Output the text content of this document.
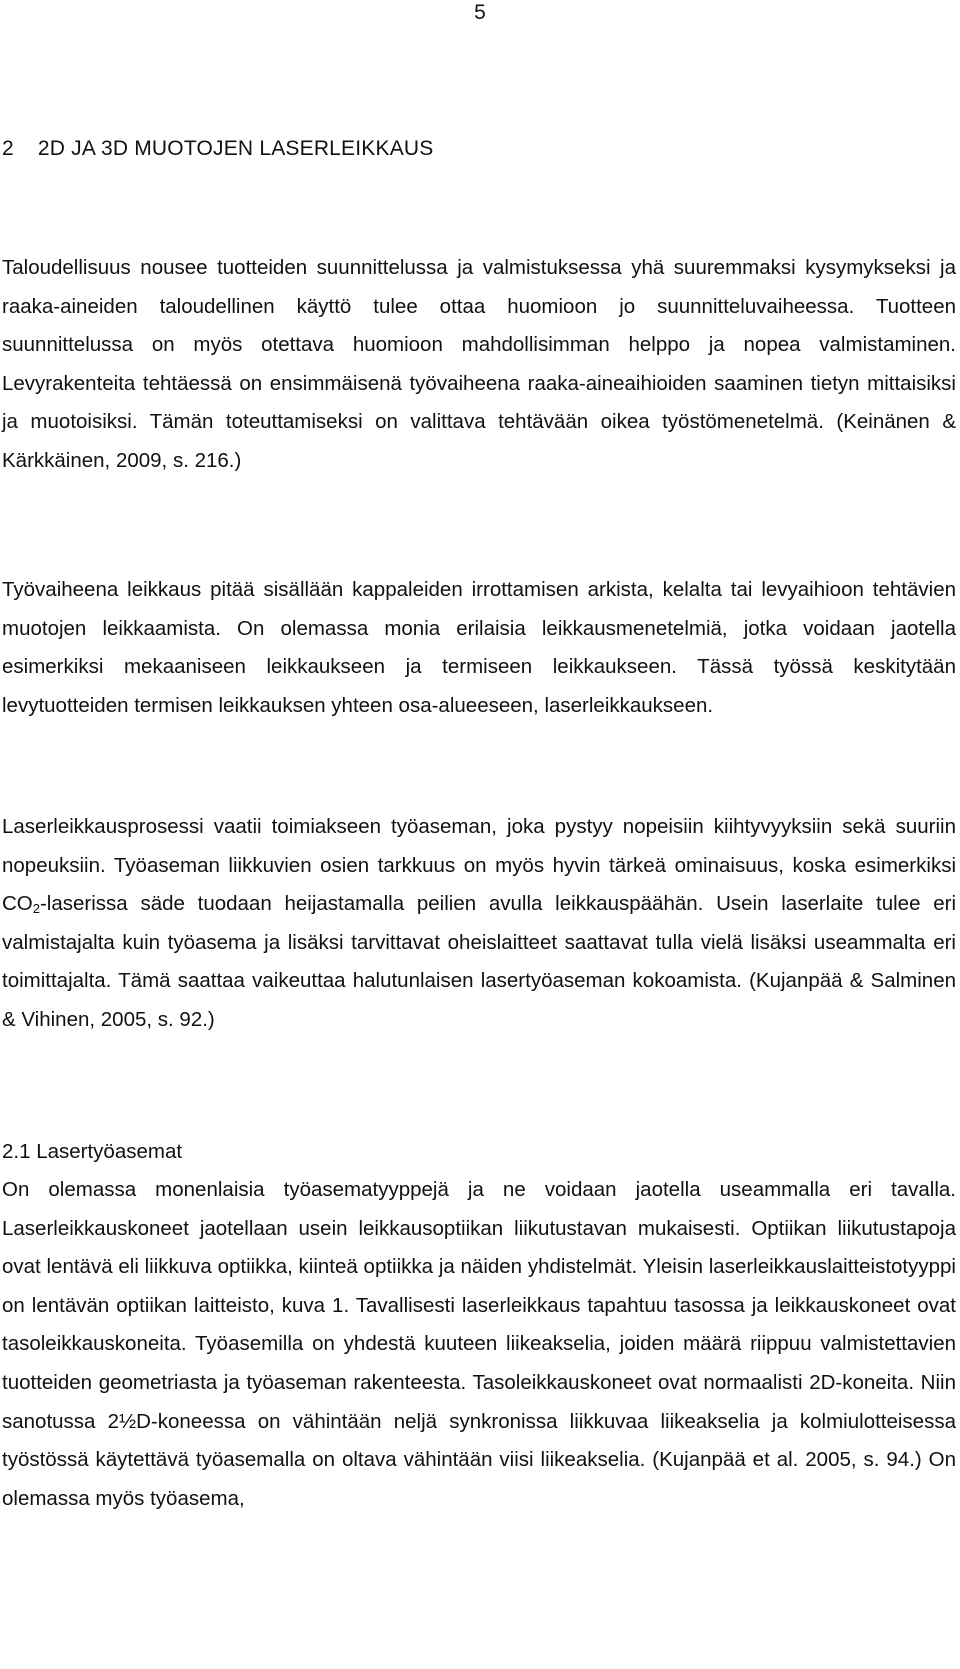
5
2 2D JA 3D MUOTOJEN LASERLEIKKAUS

Taloudellisuus nousee tuotteiden suunnittelussa ja valmistuksessa yhä suuremmaksi kysymykseksi ja raaka-aineiden taloudellinen käyttö tulee ottaa huomioon jo suunnitteluvaiheessa. Tuotteen suunnittelussa on myös otettava huomioon mahdollisimman helppo ja nopea valmistaminen. Levyrakenteita tehtäessä on ensimmäisenä työvaiheena raaka-aineaihioiden saaminen tietyn mittaisiksi ja muotoisiksi. Tämän toteuttamiseksi on valittava tehtävään oikea työstömenetelmä. (Keinänen & Kärkkäinen, 2009, s. 216.)

Työvaiheena leikkaus pitää sisällään kappaleiden irrottamisen arkista, kelalta tai levyaihioon tehtävien muotojen leikkaamista. On olemassa monia erilaisia leikkausmenetelmiä, jotka voidaan jaotella esimerkiksi mekaaniseen leikkaukseen ja termiseen leikkaukseen. Tässä työssä keskitytään levytuotteiden termisen leikkauksen yhteen osa-alueeseen, laserleikkaukseen.

Laserleikkausprosessi vaatii toimiakseen työaseman, joka pystyy nopeisiin kiihtyvyyksiin sekä suuriin nopeuksiin. Työaseman liikkuvien osien tarkkuus on myös hyvin tärkeä ominaisuus, koska esimerkiksi $CO_2$-laserissa säde tuodaan heijastamalla peilien avulla leikkauspäähän. Usein laserlaite tulee eri valmistajalta kuin työasema ja lisäksi tarvittavat oheislaitteet saattavat tulla vielä lisäksi useammalta eri toimittajalta. Tämä saattaa vaikeuttaa halutunlaisen lasertyöaseman kokoamista. (Kujanpää & Salminen & Vihinen, 2005, s. 92.)

2.1 Lasertyöasemat

On olemassa monenlaisia työasematyyppejä ja ne voidaan jaotella useammalla eri tavalla. Laserleikkauskoneet jaotellaan usein leikkausoptiikan liikutustavan mukaisesti. Optiikan liikutustapoja ovat lentävä eli liikkuva optiikka, kiinteä optiikka ja näiden yhdistelmät. Yleisin laserleikkauslaitteistotyyppi on lentävän optiikan laitteisto, kuva 1. Tavallisesti laserleikkaus tapahtuu tasossa ja leikkauskoneet ovat tasoleikkauskoneita. Työasemilla on yhdestä kuuteen liikeakselia, joiden määrä riippuu valmistettavien tuotteiden geometriasta ja työaseman rakenteesta. Tasoleikkauskoneet ovat normaalisti 2D-koneita. Niin sanotussa 2½D-koneessa on vähintään neljä synkronissa liikkuvaa liikeakselia ja kolmiulotteisessa työstössä käytettävä työasemalla on oltava vähintään viisi liikeakselia. (Kujanpää et al. 2005, s. 94.) On olemassa myös työasema,
